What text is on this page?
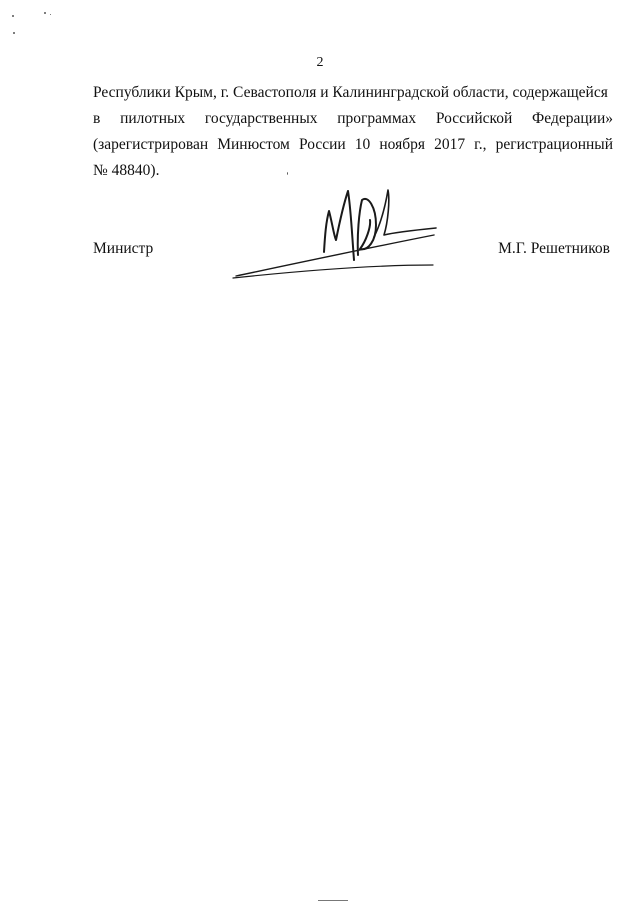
2
Республики Крым, г. Севастополя и Калининградской области, содержащейся
в пилотных государственных программах Российской Федерации»
(зарегистрирован Минюстом России 10 ноября 2017 г., регистрационный
№ 48840).
Министр	М.Г. Решетников
